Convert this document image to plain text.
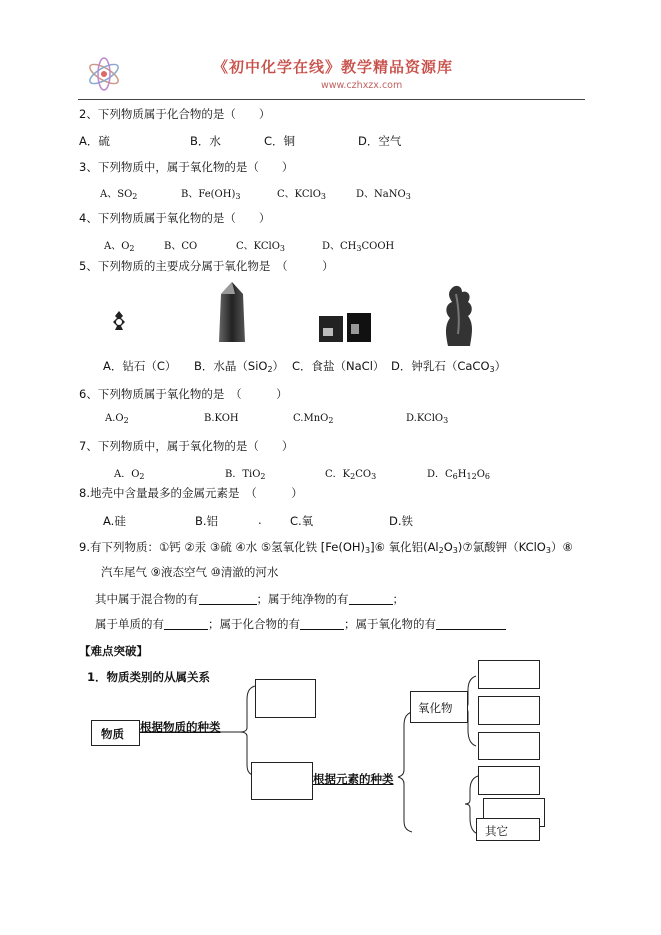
《初中化学在线》教学精品资源库
www.czhxzx.com
2、下列物质属于化合物的是（　　）
A．硫	B．水	C．铜	D．空气
3、下列物质中，属于氧化物的是（　　）
A、$SO_2$	B、$Fe(OH)_3$	C、KClO$_3$	D、NaNO$_3$
4、下列物质属于氧化物的是（　　）
A、$O_2$	B、CO	C、KClO$_3$	D、$CH_3COOH$
5、下列物质的主要成分属于氧化物是　（　　　）
A．钻石（C） B．水晶（SiO$_2$） C．食盐（NaCl） D．钟乳石（CaCO$_3$）
6、下列物质属于氧化物的是　（　　　）
$A.O_2$	B.KOH	C.MnO$_2$	D.KClO$_3$
7、下列物质中，属于氧化物的是（　　）
A．$O_2$	B．TiO$_2$	C．$K_2CO_3$	D．$C_6H_{12}O_6$
8.地壳中含量最多的金属元素是　（　　　）
A.硅	B.铝	. C.氧	D.铁
9.有下列物质：①钙 ②汞 ③硫 ④水 ⑤氢氧化铁 $[Fe(OH)_3]⑥$ 氧化铝$(Al_2O_3)⑦$氯酸钾（KClO$_3$）⑧
汽车尾气 ⑨液态空气 ⑩清澈的河水
其中属于混合物的有	；属于纯净物的有	；
属于单质的有	；属于化合物的有	；属于氧化物的有
【难点突破】
1．物质类别的从属关系
物质 根据物质的种类
根据元素的种类
氧化物
其它
